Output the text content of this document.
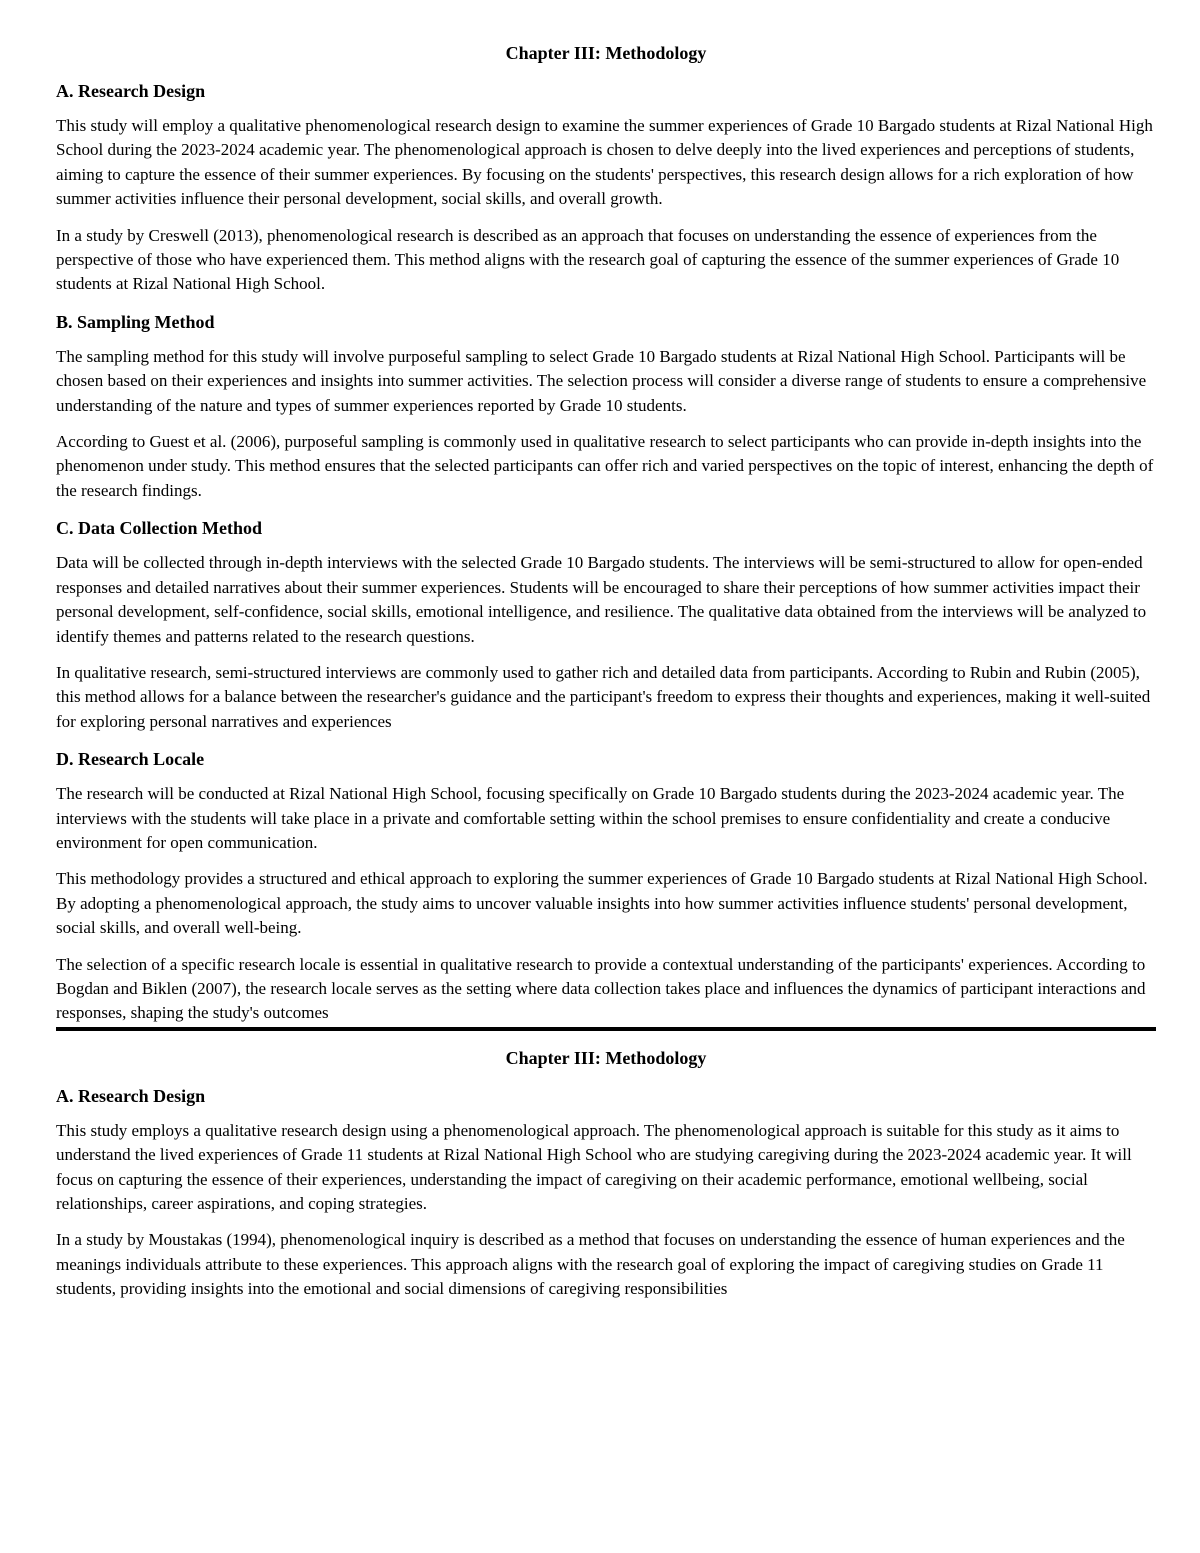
Chapter III: Methodology
A. Research Design

This study will employ a qualitative phenomenological research design to examine the summer experiences of Grade 10 Bargado students at Rizal National High School during the 2023-2024 academic year. The phenomenological approach is chosen to delve deeply into the lived experiences and perceptions of students, aiming to capture the essence of their summer experiences. By focusing on the students' perspectives, this research design allows for a rich exploration of how summer activities influence their personal development, social skills, and overall growth.

In a study by Creswell (2013), phenomenological research is described as an approach that focuses on understanding the essence of experiences from the perspective of those who have experienced them. This method aligns with the research goal of capturing the essence of the summer experiences of Grade 10 students at Rizal National High School.

B. Sampling Method

The sampling method for this study will involve purposeful sampling to select Grade 10 Bargado students at Rizal National High School. Participants will be chosen based on their experiences and insights into summer activities. The selection process will consider a diverse range of students to ensure a comprehensive understanding of the nature and types of summer experiences reported by Grade 10 students.

According to Guest et al. (2006), purposeful sampling is commonly used in qualitative research to select participants who can provide in-depth insights into the phenomenon under study. This method ensures that the selected participants can offer rich and varied perspectives on the topic of interest, enhancing the depth of the research findings.

C. Data Collection Method

Data will be collected through in-depth interviews with the selected Grade 10 Bargado students. The interviews will be semi-structured to allow for open-ended responses and detailed narratives about their summer experiences. Students will be encouraged to share their perceptions of how summer activities impact their personal development, self-confidence, social skills, emotional intelligence, and resilience. The qualitative data obtained from the interviews will be analyzed to identify themes and patterns related to the research questions.

In qualitative research, semi-structured interviews are commonly used to gather rich and detailed data from participants. According to Rubin and Rubin (2005), this method allows for a balance between the researcher's guidance and the participant's freedom to express their thoughts and experiences, making it well-suited for exploring personal narratives and experiences

D. Research Locale

The research will be conducted at Rizal National High School, focusing specifically on Grade 10 Bargado students during the 2023-2024 academic year. The interviews with the students will take place in a private and comfortable setting within the school premises to ensure confidentiality and create a conducive environment for open communication.

This methodology provides a structured and ethical approach to exploring the summer experiences of Grade 10 Bargado students at Rizal National High School. By adopting a phenomenological approach, the study aims to uncover valuable insights into how summer activities influence students' personal development, social skills, and overall well-being.

The selection of a specific research locale is essential in qualitative research to provide a contextual understanding of the participants' experiences. According to Bogdan and Biklen (2007), the research locale serves as the setting where data collection takes place and influences the dynamics of participant interactions and responses, shaping the study's outcomes

Chapter III: Methodology
A. Research Design

This study employs a qualitative research design using a phenomenological approach. The phenomenological approach is suitable for this study as it aims to understand the lived experiences of Grade 11 students at Rizal National High School who are studying caregiving during the 2023-2024 academic year. It will focus on capturing the essence of their experiences, understanding the impact of caregiving on their academic performance, emotional wellbeing, social relationships, career aspirations, and coping strategies.

In a study by Moustakas (1994), phenomenological inquiry is described as a method that focuses on understanding the essence of human experiences and the meanings individuals attribute to these experiences. This approach aligns with the research goal of exploring the impact of caregiving studies on Grade 11 students, providing insights into the emotional and social dimensions of caregiving responsibilities
